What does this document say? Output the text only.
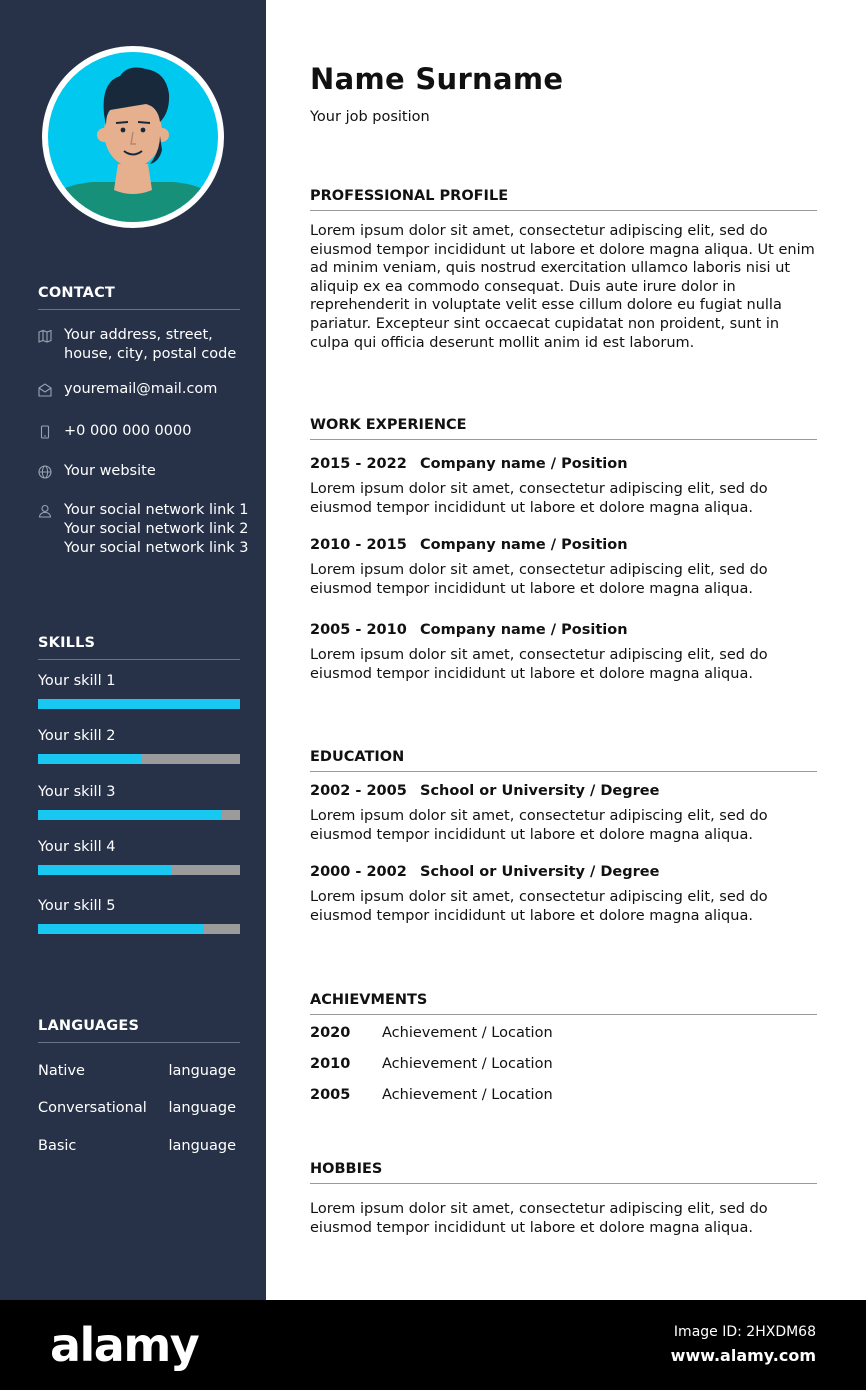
CONTACT
Your address, street,
house, city, postal code
youremail@mail.com
+0 000 000 0000
Your website
Your social network link 1
Your social network link 2
Your social network link 3
SKILLS
Your skill 1
Your skill 2
Your skill 3
Your skill 4
Your skill 5
LANGUAGES
Native	language
Conversational language
Basic	language
Name Surname
Your job position
PROFESSIONAL PROFILE
Lorem ipsum dolor sit amet, consectetur adipiscing elit, sed do
eiusmod tempor incididunt ut labore et dolore magna aliqua. Ut enim
ad minim veniam, quis nostrud exercitation ullamco laboris nisi ut
aliquip ex ea commodo consequat. Duis aute irure dolor in
reprehenderit in voluptate velit esse cillum dolore eu fugiat nulla
pariatur. Excepteur sint occaecat cupidatat non proident, sunt in
culpa qui officia deserunt mollit anim id est laborum.
WORK EXPERIENCE
2015 - 2022 Company name / Position
Lorem ipsum dolor sit amet, consectetur adipiscing elit, sed do
eiusmod tempor incididunt ut labore et dolore magna aliqua.
2010 - 2015 Company name / Position
Lorem ipsum dolor sit amet, consectetur adipiscing elit, sed do
eiusmod tempor incididunt ut labore et dolore magna aliqua.
2005 - 2010 Company name / Position
Lorem ipsum dolor sit amet, consectetur adipiscing elit, sed do
eiusmod tempor incididunt ut labore et dolore magna aliqua.
EDUCATION
2002 - 2005 School or University / Degree
Lorem ipsum dolor sit amet, consectetur adipiscing elit, sed do
eiusmod tempor incididunt ut labore et dolore magna aliqua.
2000 - 2002 School or University / Degree
Lorem ipsum dolor sit amet, consectetur adipiscing elit, sed do
eiusmod tempor incididunt ut labore et dolore magna aliqua.
ACHIEVMENTS
2020	Achievement / Location
2010	Achievement / Location
2005	Achievement / Location
HOBBIES
Lorem ipsum dolor sit amet, consectetur adipiscing elit, sed do
eiusmod tempor incididunt ut labore et dolore magna aliqua.
alamy	Image ID: 2HXDM68
www.alamy.com
